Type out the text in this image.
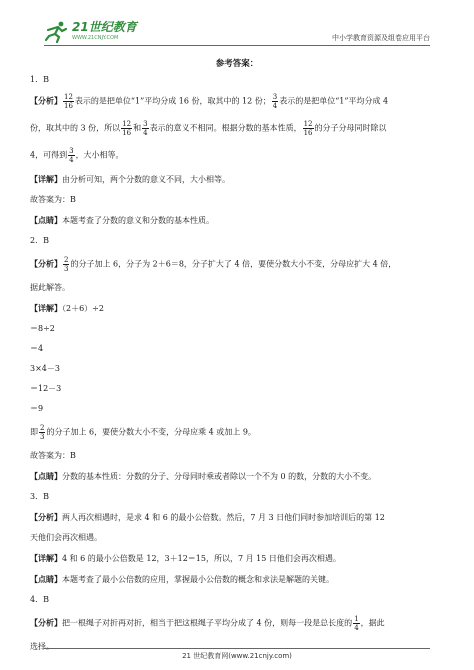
21世纪教育
WWW.21CNJY.COM	中小学教育资源及组卷应用平台
参考答案：
1．B
【分析】 $\frac{12}{16}$ 表示的是把单位“1”平均分成 16 份，取其中的 12 份； $\frac{3}{4}$ 表示的是把单位“1”平均分成 4
份，取其中的 3 份，所以 $\frac{12}{16}$ 和 $\frac{3}{4}$ 表示的意义不相同。根据分数的基本性质， $\frac{12}{16}$ 的分子分母同时除以
4，可得到 $\frac{3}{4}$ ，大小相等。
【详解】由分析可知，两个分数的意义不同，大小相等。
故答案为：B
【点睛】本题考查了分数的意义和分数的基本性质。
2．B
【分析】 $\frac{2}{3}$ 的分子加上 6，分子为 2＋6＝8，分子扩大了 4 倍，要使分数大小不变，分母应扩大 4 倍，
据此解答。
【详解】（2＋6）÷2
＝8÷2
＝4
3×4－3
＝12－3
＝9
即 $\frac{2}{3}$ 的分子加上 6，要使分数大小不变，分母应乘 4 或加上 9。
故答案为：B
【点睛】分数的基本性质：分数的分子、分母同时乘或者除以一个不为 0 的数，分数的大小不变。
3．B
【分析】两人再次相遇时，是求 4 和 6 的最小公倍数。然后，7 月 3 日他们同时参加培训后的第 12
天他们会再次相遇。
【详解】4 和 6 的最小公倍数是 12，3＋12＝15，所以，7 月 15 日他们会再次相遇。
【点睛】本题考查了最小公倍数的应用，掌握最小公倍数的概念和求法是解题的关键。
4．B
【分析】把一根绳子对折再对折，相当于把这根绳子平均分成了 4 份，则每一段是总长度的 $\frac{1}{4}$ ，据此
选择。
21 世纪教育网(www.21cnjy.com)
